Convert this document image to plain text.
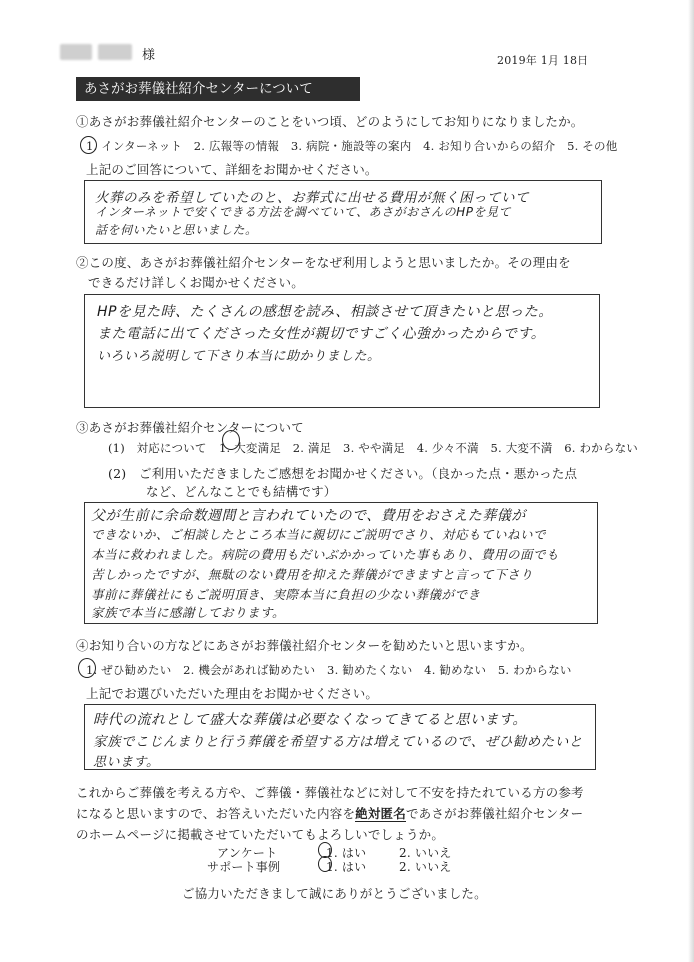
様	2019年 1月 18日
あさがお葬儀社紹介センターについて
①あさがお葬儀社紹介センターのことをいつ頃、どのようにしてお知りになりましたか。
1. インターネット　2. 広報等の情報　3. 病院・施設等の案内　4. お知り合いからの紹介　5. その他
上記のご回答について、詳細をお聞かせください。
火葬のみを希望していたのと、お葬式に出せる費用が無く困っていて
インターネットで安くできる方法を調べていて、あさがおさんのHPを見て
話を伺いたいと思いました。
②この度、あさがお葬儀社紹介センターをなぜ利用しようと思いましたか。その理由を
できるだけ詳しくお聞かせください。
HPを見た時、たくさんの感想を読み、相談させて頂きたいと思った。
また電話に出てくださった女性が親切ですごく心強かったからです。
いろいろ説明して下さり本当に助かりました。
③あさがお葬儀社紹介センターについて
(1)　対応について 1. 大変満足　2. 満足　3. やや満足　4. 少々不満　5. 大変不満　6. わからない
(2)　ご利用いただきましたご感想をお聞かせください。（良かった点・悪かった点
など、どんなことでも結構です）
父が生前に余命数週間と言われていたので、費用をおさえた葬儀が
できないか、ご相談したところ本当に親切にご説明でさり、対応もていねいで
本当に救われました。病院の費用もだいぶかかっていた事もあり、費用の面でも
苦しかったですが、無駄のない費用を抑えた葬儀ができますと言って下さり
事前に葬儀社にもご説明頂き、実際本当に負担の少ない葬儀ができ
家族で本当に感謝しております。
④お知り合いの方などにあさがお葬儀社紹介センターを勧めたいと思いますか。
1. ぜひ勧めたい　2. 機会があれば勧めたい　3. 勧めたくない　4. 勧めない　5. わからない
上記でお選びいただいた理由をお聞かせください。
時代の流れとして盛大な葬儀は必要なくなってきてると思います。
家族でこじんまりと行う葬儀を希望する方は増えているので、ぜひ勧めたいと
思います。
これからご葬儀を考える方や、ご葬儀・葬儀社などに対して不安を持たれている方の参考
になると思いますので、お答えいただいた内容を絶対匿名であさがお葬儀社紹介センター
のホームページに掲載させていただいてもよろしいでしょうか。
アンケート	1. はい	2. いいえ
サポート事例	1. はい	2. いいえ
ご協力いただきまして誠にありがとうございました。
